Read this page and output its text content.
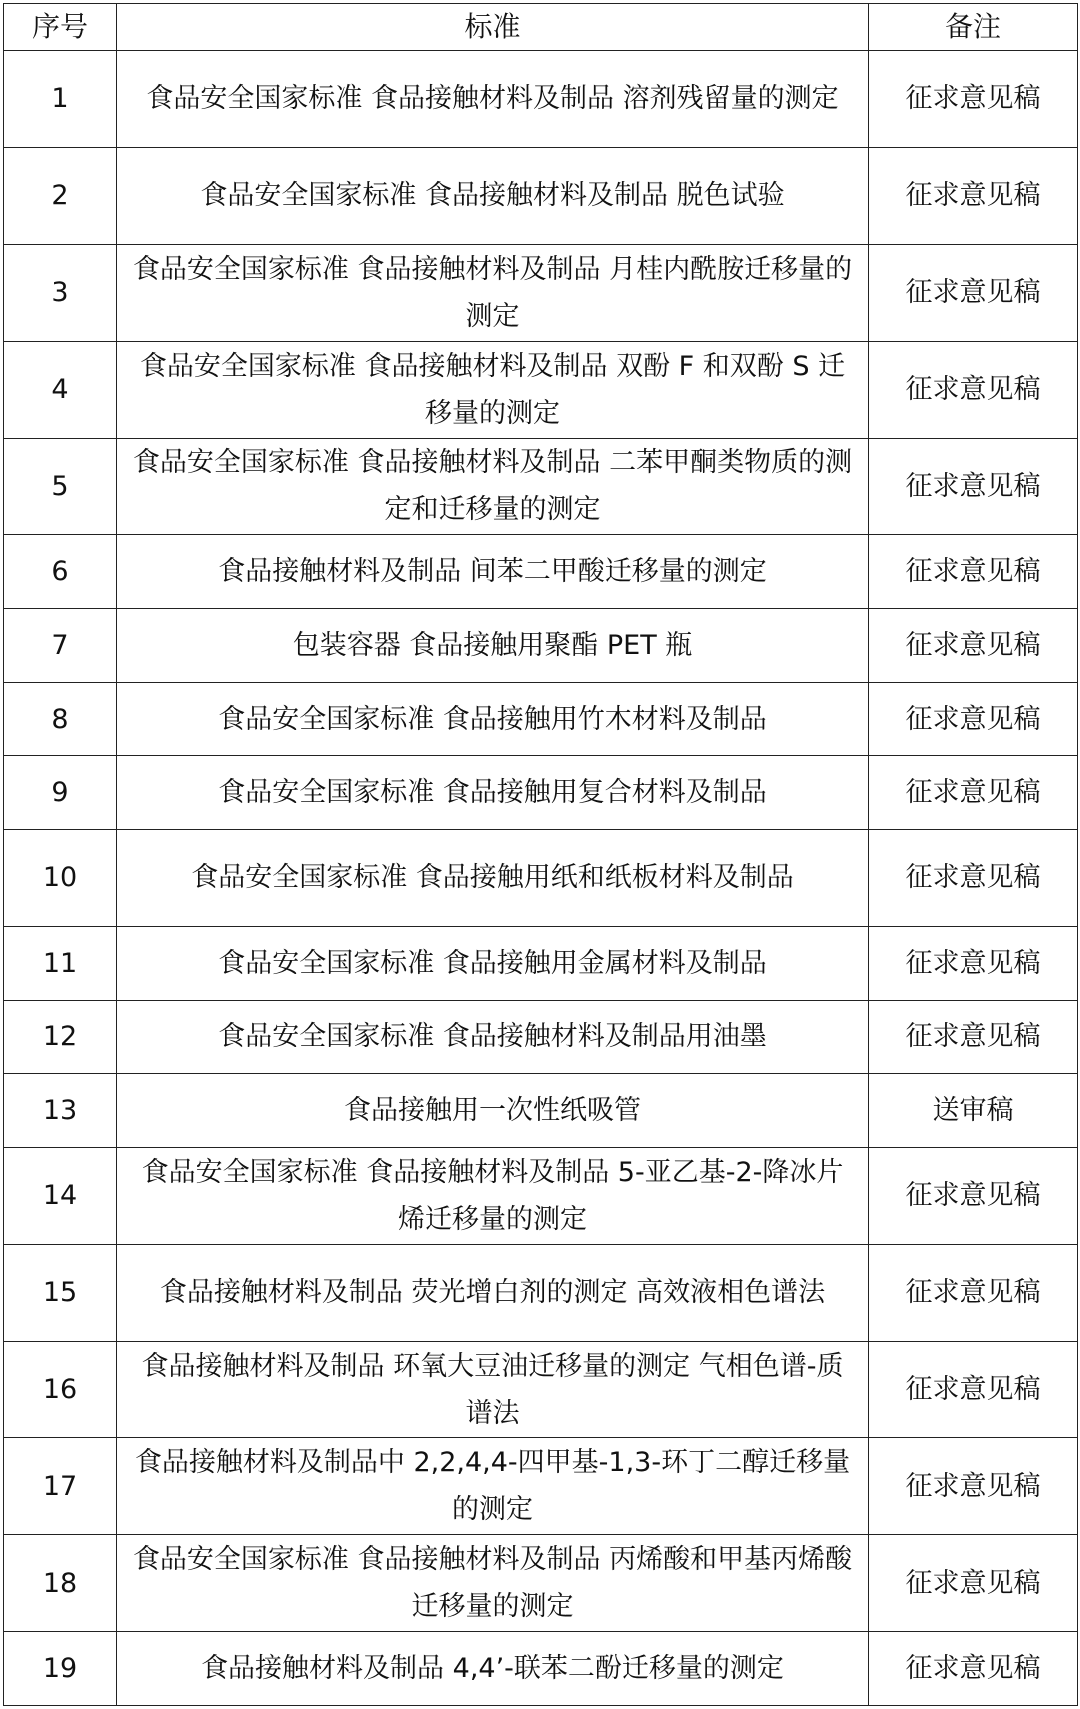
序号	标准	备注
1	食品安全国家标准 食品接触材料及制品 溶剂残留量的测定	征求意见稿
2	食品安全国家标准 食品接触材料及制品 脱色试验	征求意见稿
3	食品安全国家标准 食品接触材料及制品 月桂内酰胺迁移量的测定	征求意见稿
4	食品安全国家标准 食品接触材料及制品 双酚 F 和双酚 S 迁移量的测定	征求意见稿
5	食品安全国家标准 食品接触材料及制品 二苯甲酮类物质的测定和迁移量的测定	征求意见稿
6	食品接触材料及制品 间苯二甲酸迁移量的测定	征求意见稿
7	包装容器 食品接触用聚酯 PET 瓶	征求意见稿
8	食品安全国家标准 食品接触用竹木材料及制品	征求意见稿
9	食品安全国家标准 食品接触用复合材料及制品	征求意见稿
10	食品安全国家标准 食品接触用纸和纸板材料及制品	征求意见稿
11	食品安全国家标准 食品接触用金属材料及制品	征求意见稿
12	食品安全国家标准 食品接触材料及制品用油墨	征求意见稿
13	食品接触用一次性纸吸管	送审稿
14	食品安全国家标准 食品接触材料及制品 5-亚乙基-2-降冰片烯迁移量的测定	征求意见稿
15	食品接触材料及制品 荧光增白剂的测定 高效液相色谱法	征求意见稿
16	食品接触材料及制品 环氧大豆油迁移量的测定 气相色谱-质谱法	征求意见稿
17	食品接触材料及制品中 2,2,4,4-四甲基-1,3-环丁二醇迁移量的测定	征求意见稿
18	食品安全国家标准 食品接触材料及制品 丙烯酸和甲基丙烯酸迁移量的测定	征求意见稿
19	食品接触材料及制品 4,4’-联苯二酚迁移量的测定	征求意见稿
